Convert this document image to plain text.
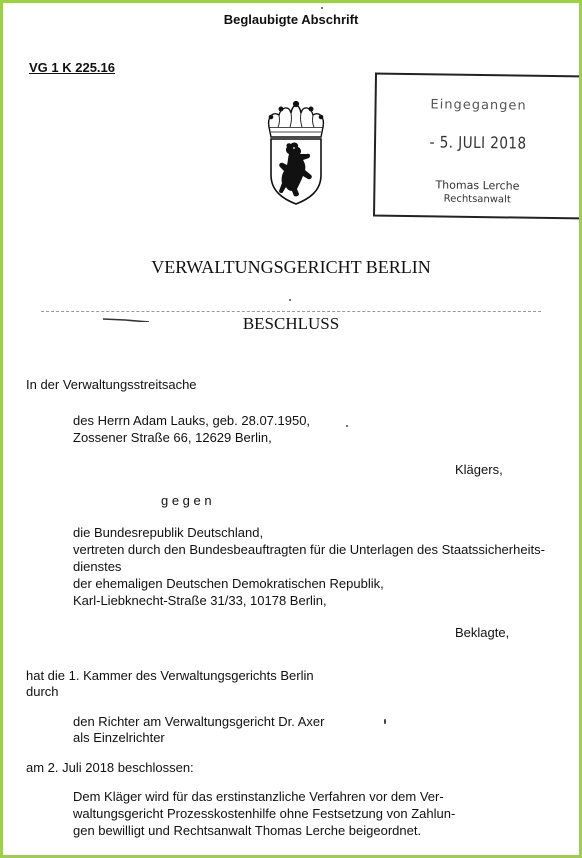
Beglaubigte Abschrift
VG 1 K 225.16
Eingegangen
- 5. JULI 2018
Thomas Lerche
Rechtsanwalt
VERWALTUNGSGERICHT BERLIN
BESCHLUSS
In der Verwaltungsstreitsache
des Herrn Adam Lauks, geb. 28.07.1950,
Zossener Straße 66, 12629 Berlin,
Klägers,
g e g e n
die Bundesrepublik Deutschland,
vertreten durch den Bundesbeauftragten für die Unterlagen des Staatssicherheits-
dienstes
der ehemaligen Deutschen Demokratischen Republik,
Karl-Liebknecht-Straße 31/33, 10178 Berlin,
Beklagte,
hat die 1. Kammer des Verwaltungsgerichts Berlin
durch
den Richter am Verwaltungsgericht Dr. Axer
als Einzelrichter
am 2. Juli 2018 beschlossen:
Dem Kläger wird für das erstinstanzliche Verfahren vor dem Ver-
waltungsgericht Prozesskostenhilfe ohne Festsetzung von Zahlun-
gen bewilligt und Rechtsanwalt Thomas Lerche beigeordnet.
